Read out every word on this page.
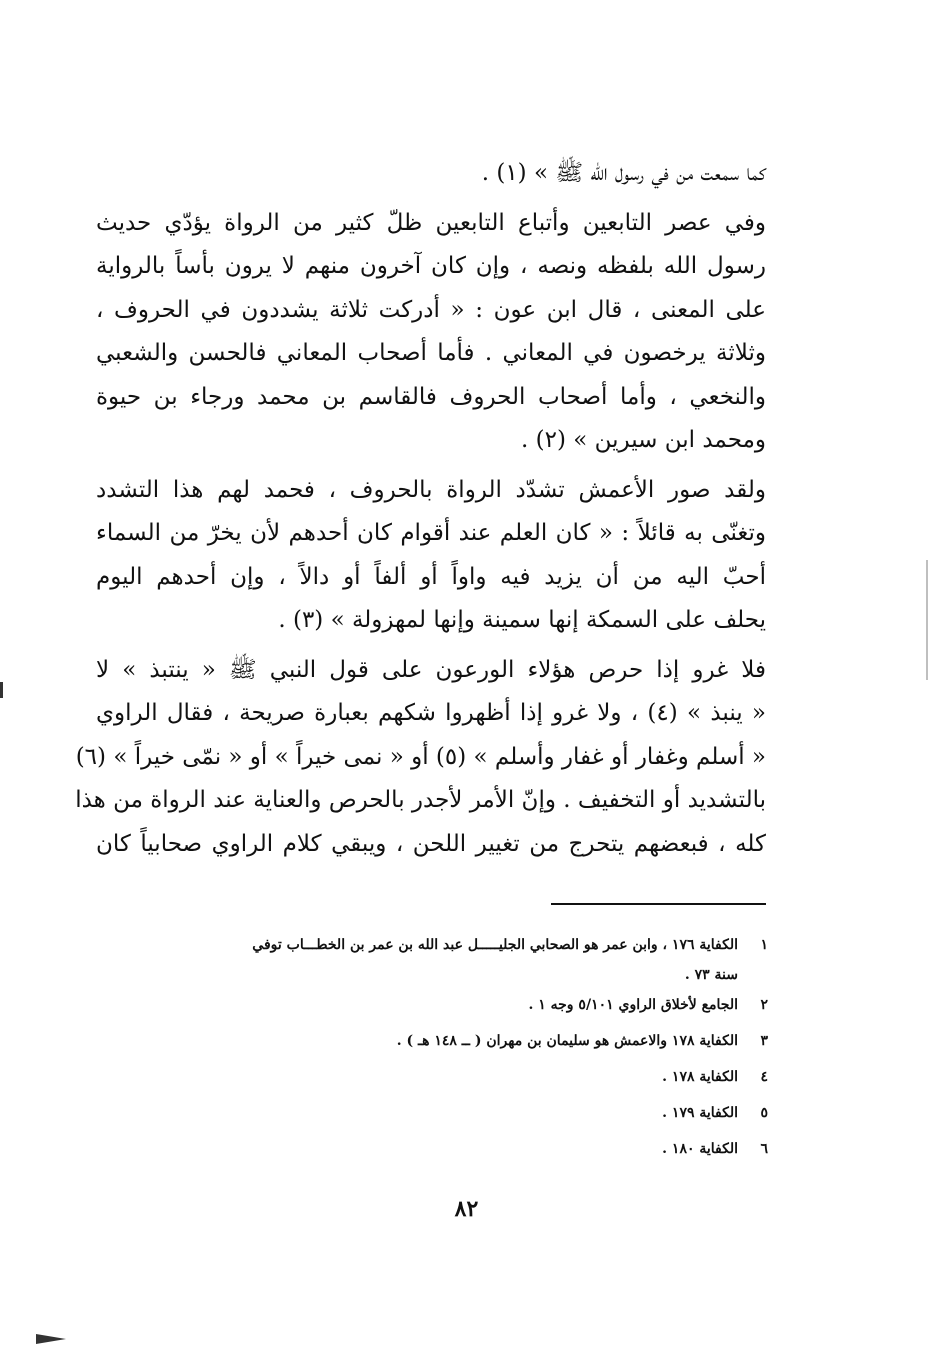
كما سمعت من في رسول الله ﷺ » (١) .
وفي عصر التابعين وأتباع التابعين ظلّ كثير من الرواة يؤدّي حديث
رسول الله بلفظه ونصه ، وإن كان آخرون منهم لا يرون بأساً بالرواية
على المعنى ، قال ابن عون : « أدركت ثلاثة يشددون في الحروف ،
وثلاثة يرخصون في المعاني . فأما أصحاب المعاني فالحسن والشعبي
والنخعي ، وأما أصحاب الحروف فالقاسم بن محمد ورجاء بن حيوة
ومحمد ابن سيرين » (٢) .
ولقد صور الأعمش تشدّد الرواة بالحروف ، فحمد لهم هذا التشدد
وتغنّى به قائلاً : « كان العلم عند أقوام كان أحدهم لأن يخرّ من السماء
أحبّ اليه من أن يزيد فيه واواً أو ألفاً أو دالاً ، وإن أحدهم اليوم
يحلف على السمكة إنها سمينة وإنها لمهزولة » (٣) .
فلا غرو إذا حرص هؤلاء الورعون على قول النبي ﷺ « ينتبذ » لا
« ينبذ » (٤) ، ولا غرو إذا أظهروا شكهم بعبارة صريحة ، فقال الراوي
« أسلم وغفار أو غفار وأسلم » (٥) أو « نمى خيراً » أو « نمّى خيراً » (٦)
بالتشديد أو التخفيف . وإنّ الأمر لأجدر بالحرص والعناية عند الرواة من هذا
كله ، فبعضهم يتحرج من تغيير اللحن ، ويبقي كلام الراوي صحابياً كان
١
الكفاية ١٧٦ ، وابن عمر هو الصحابي الجليـــــل عبد الله بن عمر بن الخطـــاب توفي
سنة ٧٣ .
٢
الجامع لأخلاق الراوي ٥/١٠١ وجه ١ .
٣
الكفاية ١٧٨ والاعمش هو سليمان بن مهران ( ــ ١٤٨ هـ ) .
٤
الكفاية ١٧٨ .
٥
الكفاية ١٧٩ .
٦
الكفاية ١٨٠ .
٨٢
